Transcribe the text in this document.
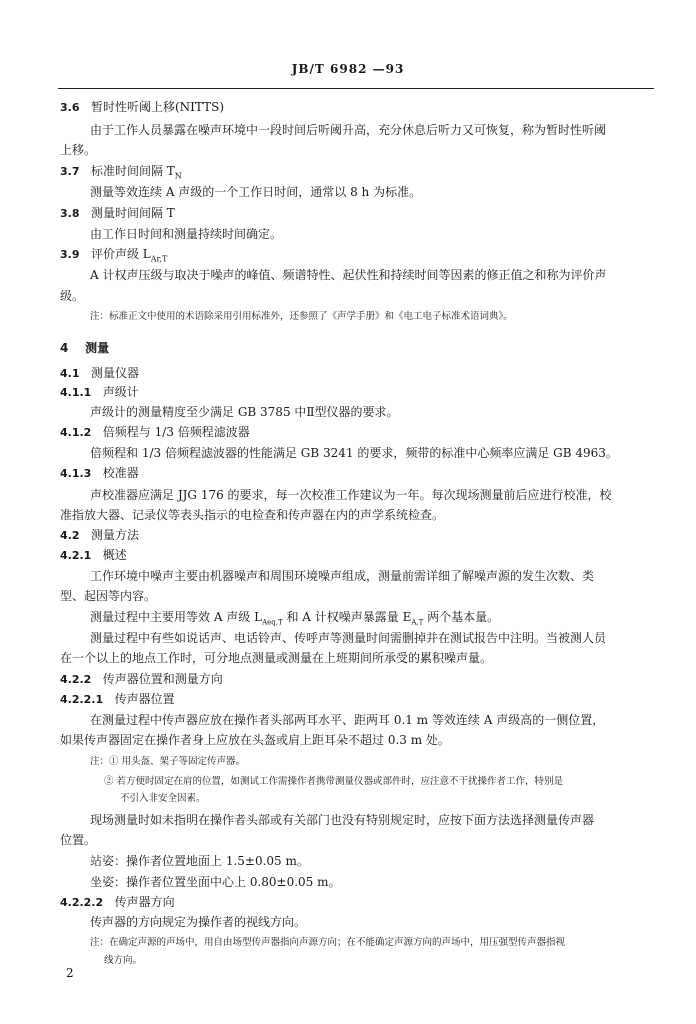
JB/T 6982 —93
3.6 暂时性听阈上移(NITTS)
由于工作人员暴露在噪声环境中一段时间后听阈升高，充分休息后听力又可恢复，称为暂时性听阈
上移。
3.7 标准时间间隔 $T_N$
测量等效连续 A 声级的一个工作日时间，通常以 8 h 为标准。
3.8 测量时间间隔 T
由工作日时间和测量持续时间确定。
3.9 评价声级 $L_{Ar,T}$
A 计权声压级与取决于噪声的峰值、频谱特性、起伏性和持续时间等因素的修正值之和称为评价声
级。
注：标准正文中使用的术语除采用引用标准外，还参照了《声学手册》和《电工电子标准术语词典》。
4 测量
4.1 测量仪器
4.1.1 声级计
声级计的测量精度至少满足 GB 3785 中Ⅱ型仪器的要求。
4.1.2 倍频程与 1/3 倍频程滤波器
倍频程和 1/3 倍频程滤波器的性能满足 GB 3241 的要求，频带的标准中心频率应满足 GB 4963。
4.1.3 校准器
声校准器应满足 JJG 176 的要求，每一次校准工作建议为一年。每次现场测量前后应进行校准，校
准指放大器、记录仪等表头指示的电检查和传声器在内的声学系统检查。
4.2 测量方法
4.2.1 概述
工作环境中噪声主要由机器噪声和周围环境噪声组成，测量前需详细了解噪声源的发生次数、类
型、起因等内容。
测量过程中主要用等效 A 声级 $L_{Aeq,T}$ 和 A 计权噪声暴露量 $E_{A,T}$ 两个基本量。
测量过程中有些如说话声、电话铃声、传呼声等测量时间需删掉并在测试报告中注明。当被测人员
在一个以上的地点工作时，可分地点测量或测量在上班期间所承受的累积噪声量。
4.2.2 传声器位置和测量方向
4.2.2.1 传声器位置
在测量过程中传声器应放在操作者头部两耳水平、距两耳 0.1 m 等效连续 A 声级高的一侧位置，
如果传声器固定在操作者身上应放在头盔或肩上距耳朵不超过 0.3 m 处。
注：① 用头盔、架子等固定传声器。
② 若方便时固定在肩的位置，如测试工作需操作者携带测量仪器或部件时，应注意不干扰操作者工作，特别是
不引入非安全因素。
现场测量时如未指明在操作者头部或有关部门也没有特别规定时，应按下面方法选择测量传声器
位置。
站姿：操作者位置地面上 1.5±0.05 m。
坐姿：操作者位置坐面中心上 0.80±0.05 m。
4.2.2.2 传声器方向
传声器的方向规定为操作者的视线方向。
注：在确定声源的声场中，用自由场型传声器指向声源方向；在不能确定声源方向的声场中，用压强型传声器指视
线方向。
2
